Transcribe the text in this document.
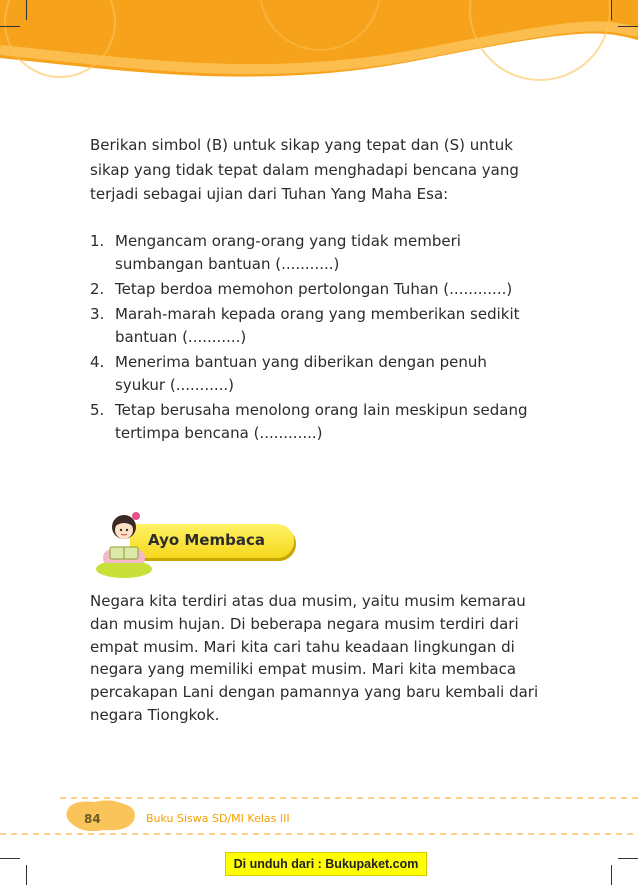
Berikan simbol (B) untuk sikap yang tepat dan (S) untuk sikap yang tidak tepat dalam menghadapi bencana yang terjadi sebagai ujian dari Tuhan Yang Maha Esa:

1. Mengancam orang-orang yang tidak memberi sumbangan bantuan (...........)
2. Tetap berdoa memohon pertolongan Tuhan (............)
3. Marah-marah kepada orang yang memberikan sedikit bantuan (...........)
4. Menerima bantuan yang diberikan dengan penuh syukur (...........)
5. Tetap berusaha menolong orang lain meskipun sedang tertimpa bencana (............)
Ayo Membaca

Negara kita terdiri atas dua musim, yaitu musim kemarau dan musim hujan. Di beberapa negara musim terdiri dari empat musim. Mari kita cari tahu keadaan lingkungan di negara yang memiliki empat musim. Mari kita membaca percakapan Lani dengan pamannya yang baru kembali dari negara Tiongkok.

84	Buku Siswa SD/MI Kelas III
Di unduh dari : Bukupaket.com
